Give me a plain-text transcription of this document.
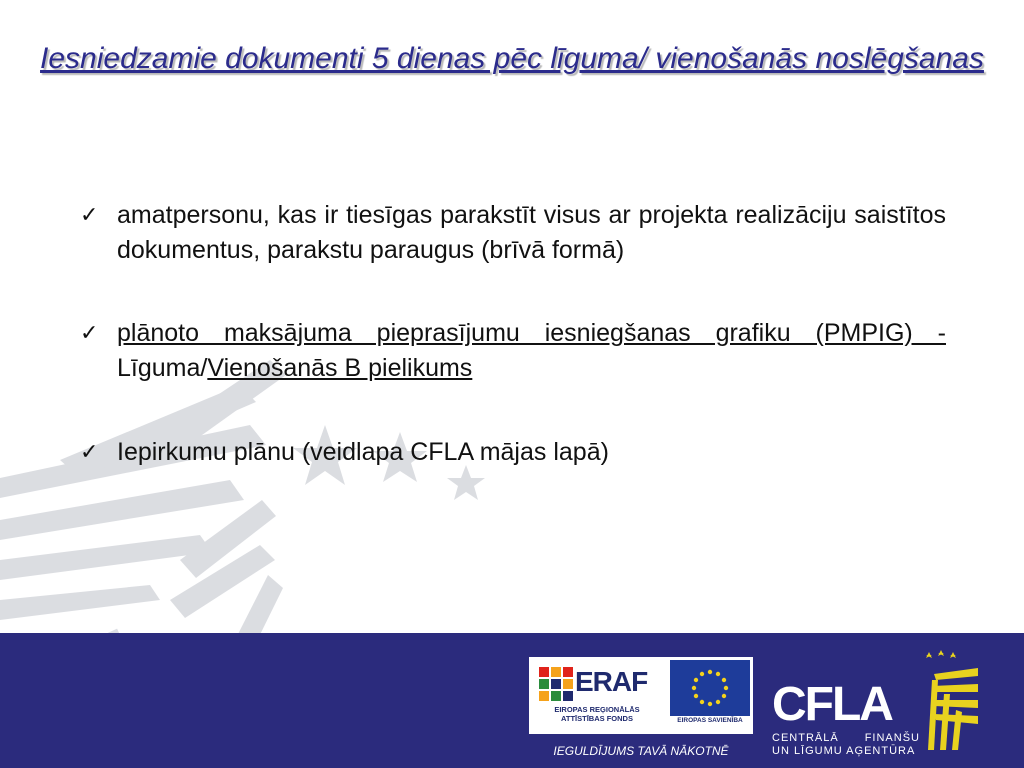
Iesniedzamie dokumenti 5 dienas pēc līguma/ vienošanās noslēgšanas
✓ amatpersonu, kas ir tiesīgas parakstīt visus ar projekta realizāciju saistītos dokumentus, parakstu paraugus (brīvā formā)
✓ plānoto maksājuma pieprasījumu iesniegšanas grafiku (PMPIG) - Līguma/Vienošanās B pielikums
✓ Iepirkumu plānu (veidlapa CFLA mājas lapā)
ERAF
EIROPAS REĢIONĀLĀS ATTĪSTĪBAS FONDS	EIROPAS SAVIENĪBA
IEGULDĪJUMS TAVĀ NĀKOTNĒ
CFLA
CENTRĀLĀ FINANŠU
UN LĪGUMU AĢENTŪRA
